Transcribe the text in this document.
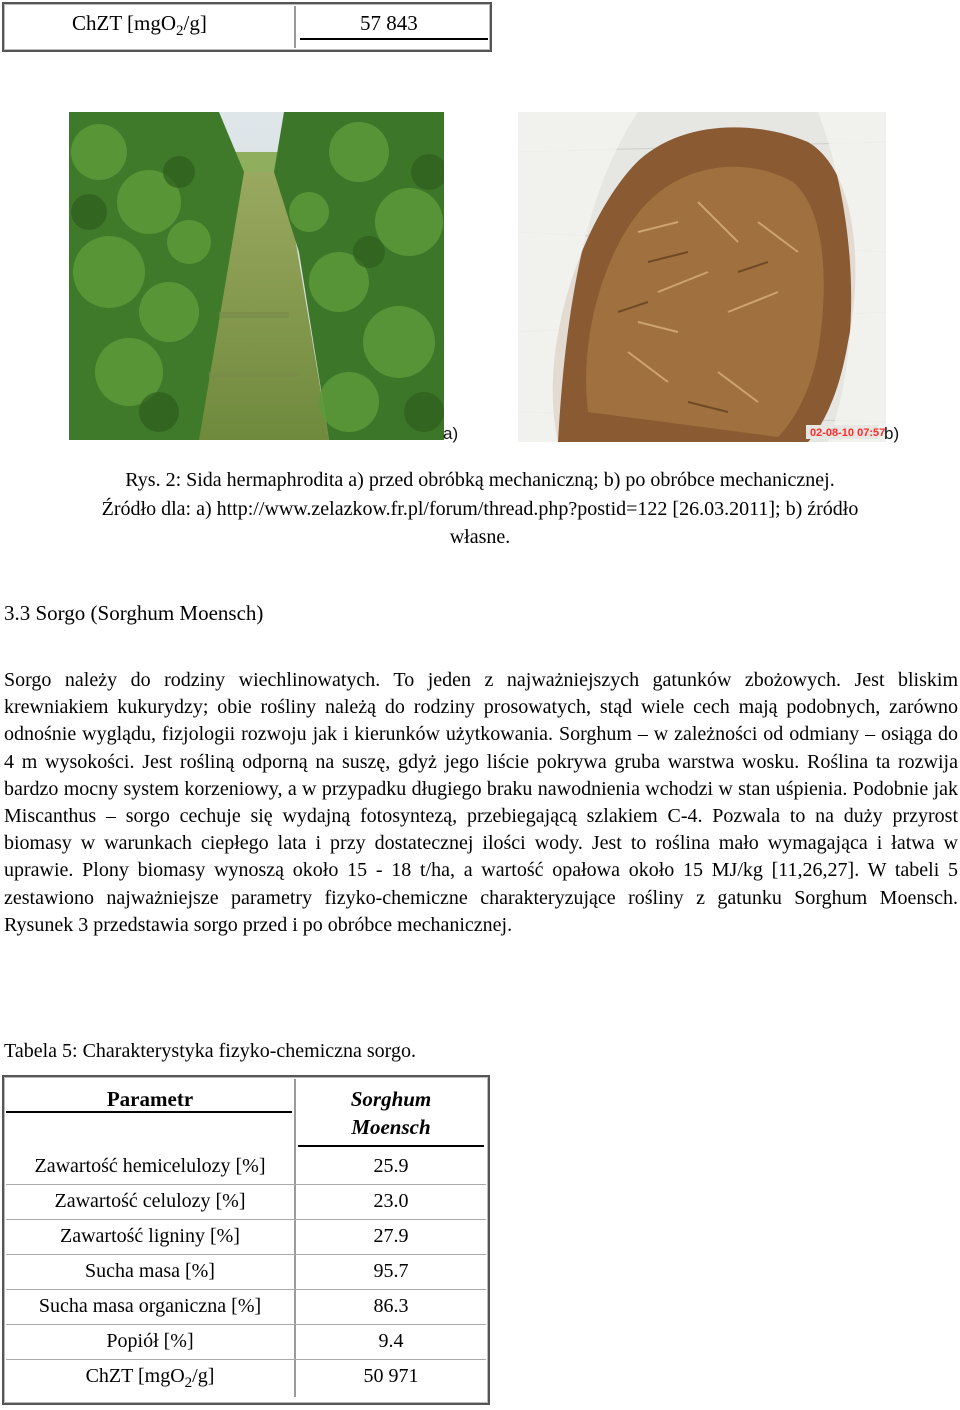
ChZT [mgO$_2$/g]	57 843
a)	02-08-10 07:57
b)
Rys. 2: Sida hermaphrodita a) przed obróbką mechaniczną; b) po obróbce mechanicznej.
Źródło dla: a) http://www.zelazkow.fr.pl/forum/thread.php?postid=122 [26.03.2011]; b) źródło
własne.
3.3 Sorgo (Sorghum Moensch)
Sorgo należy do rodziny wiechlinowatych. To jeden z najważniejszych gatunków zbożowych. Jest bliskim krewniakiem kukurydzy; obie rośliny należą do rodziny prosowatych, stąd wiele cech mają podobnych, zarówno odnośnie wyglądu, fizjologii rozwoju jak i kierunków użytkowania. Sorghum – w zależności od odmiany – osiąga do 4 m wysokości. Jest rośliną odporną na suszę, gdyż jego liście pokrywa gruba warstwa wosku. Roślina ta rozwija bardzo mocny system korzeniowy, a w przypadku długiego braku nawodnienia wchodzi w stan uśpienia. Podobnie jak Miscanthus – sorgo cechuje się wydajną fotosyntezą, przebiegającą szlakiem C-4. Pozwala to na duży przyrost biomasy w warunkach ciepłego lata i przy dostatecznej ilości wody. Jest to roślina mało wymagająca i łatwa w uprawie. Plony biomasy wynoszą około 15 - 18 t/ha, a wartość opałowa około 15 MJ/kg [11,26,27]. W tabeli 5 zestawiono najważniejsze parametry fizyko-chemiczne charakteryzujące rośliny z gatunku Sorghum Moensch. Rysunek 3 przedstawia sorgo przed i po obróbce mechanicznej.
Tabela 5: Charakterystyka fizyko-chemiczna sorgo.
Parametr	Sorghum
Moensch
Zawartość hemicelulozy [%]	25.9
Zawartość celulozy [%]	23.0
Zawartość ligniny [%]	27.9
Sucha masa [%]	95.7
Sucha masa organiczna [%]	86.3
Popiół [%]	9.4
ChZT [mgO$_2$/g]	50 971
